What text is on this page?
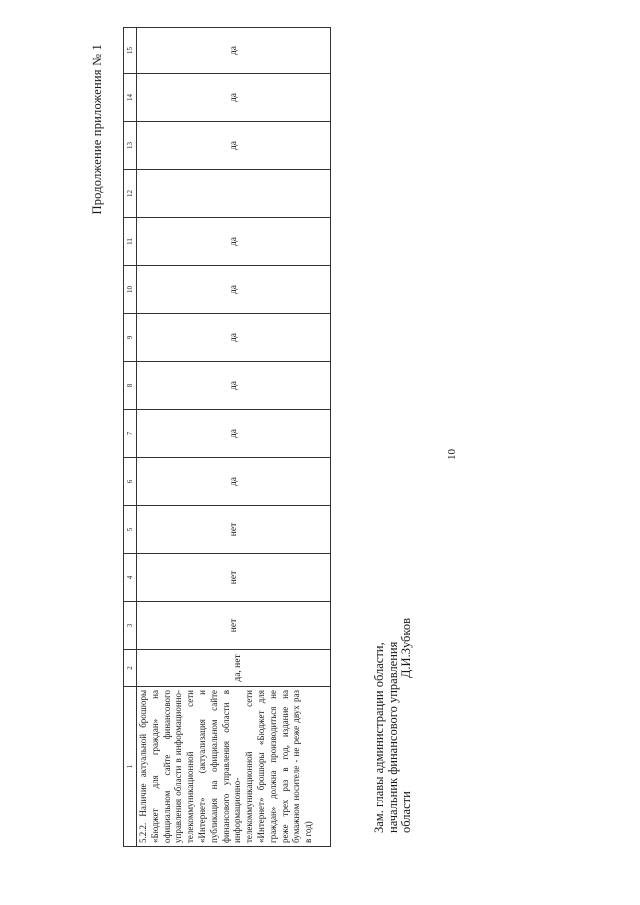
10
Продолжение приложения № 1
1	2	3	4	5	6	7	8	9	10	11	12	13	14	15
5.2.2. Наличие актуальной брошюры «Бюджет для граждан» на официальном сайте финансового управления области в информационно-телекоммуникационной сети «Интернет» (актуализация и публикация на официальном сайте финансового управления области в информационно-телекоммуникационной сети «Интернет» брошюры «Бюджет для граждан» должна производиться не реже трех раз в год, издание на бумажном носителе - не реже двух раз в год)	да, нет	нет	нет	нет	да	да	да	да	да	да		да	да	да
Зам. главы администрации области, начальник финансового управления области
Д.И.Зубков
